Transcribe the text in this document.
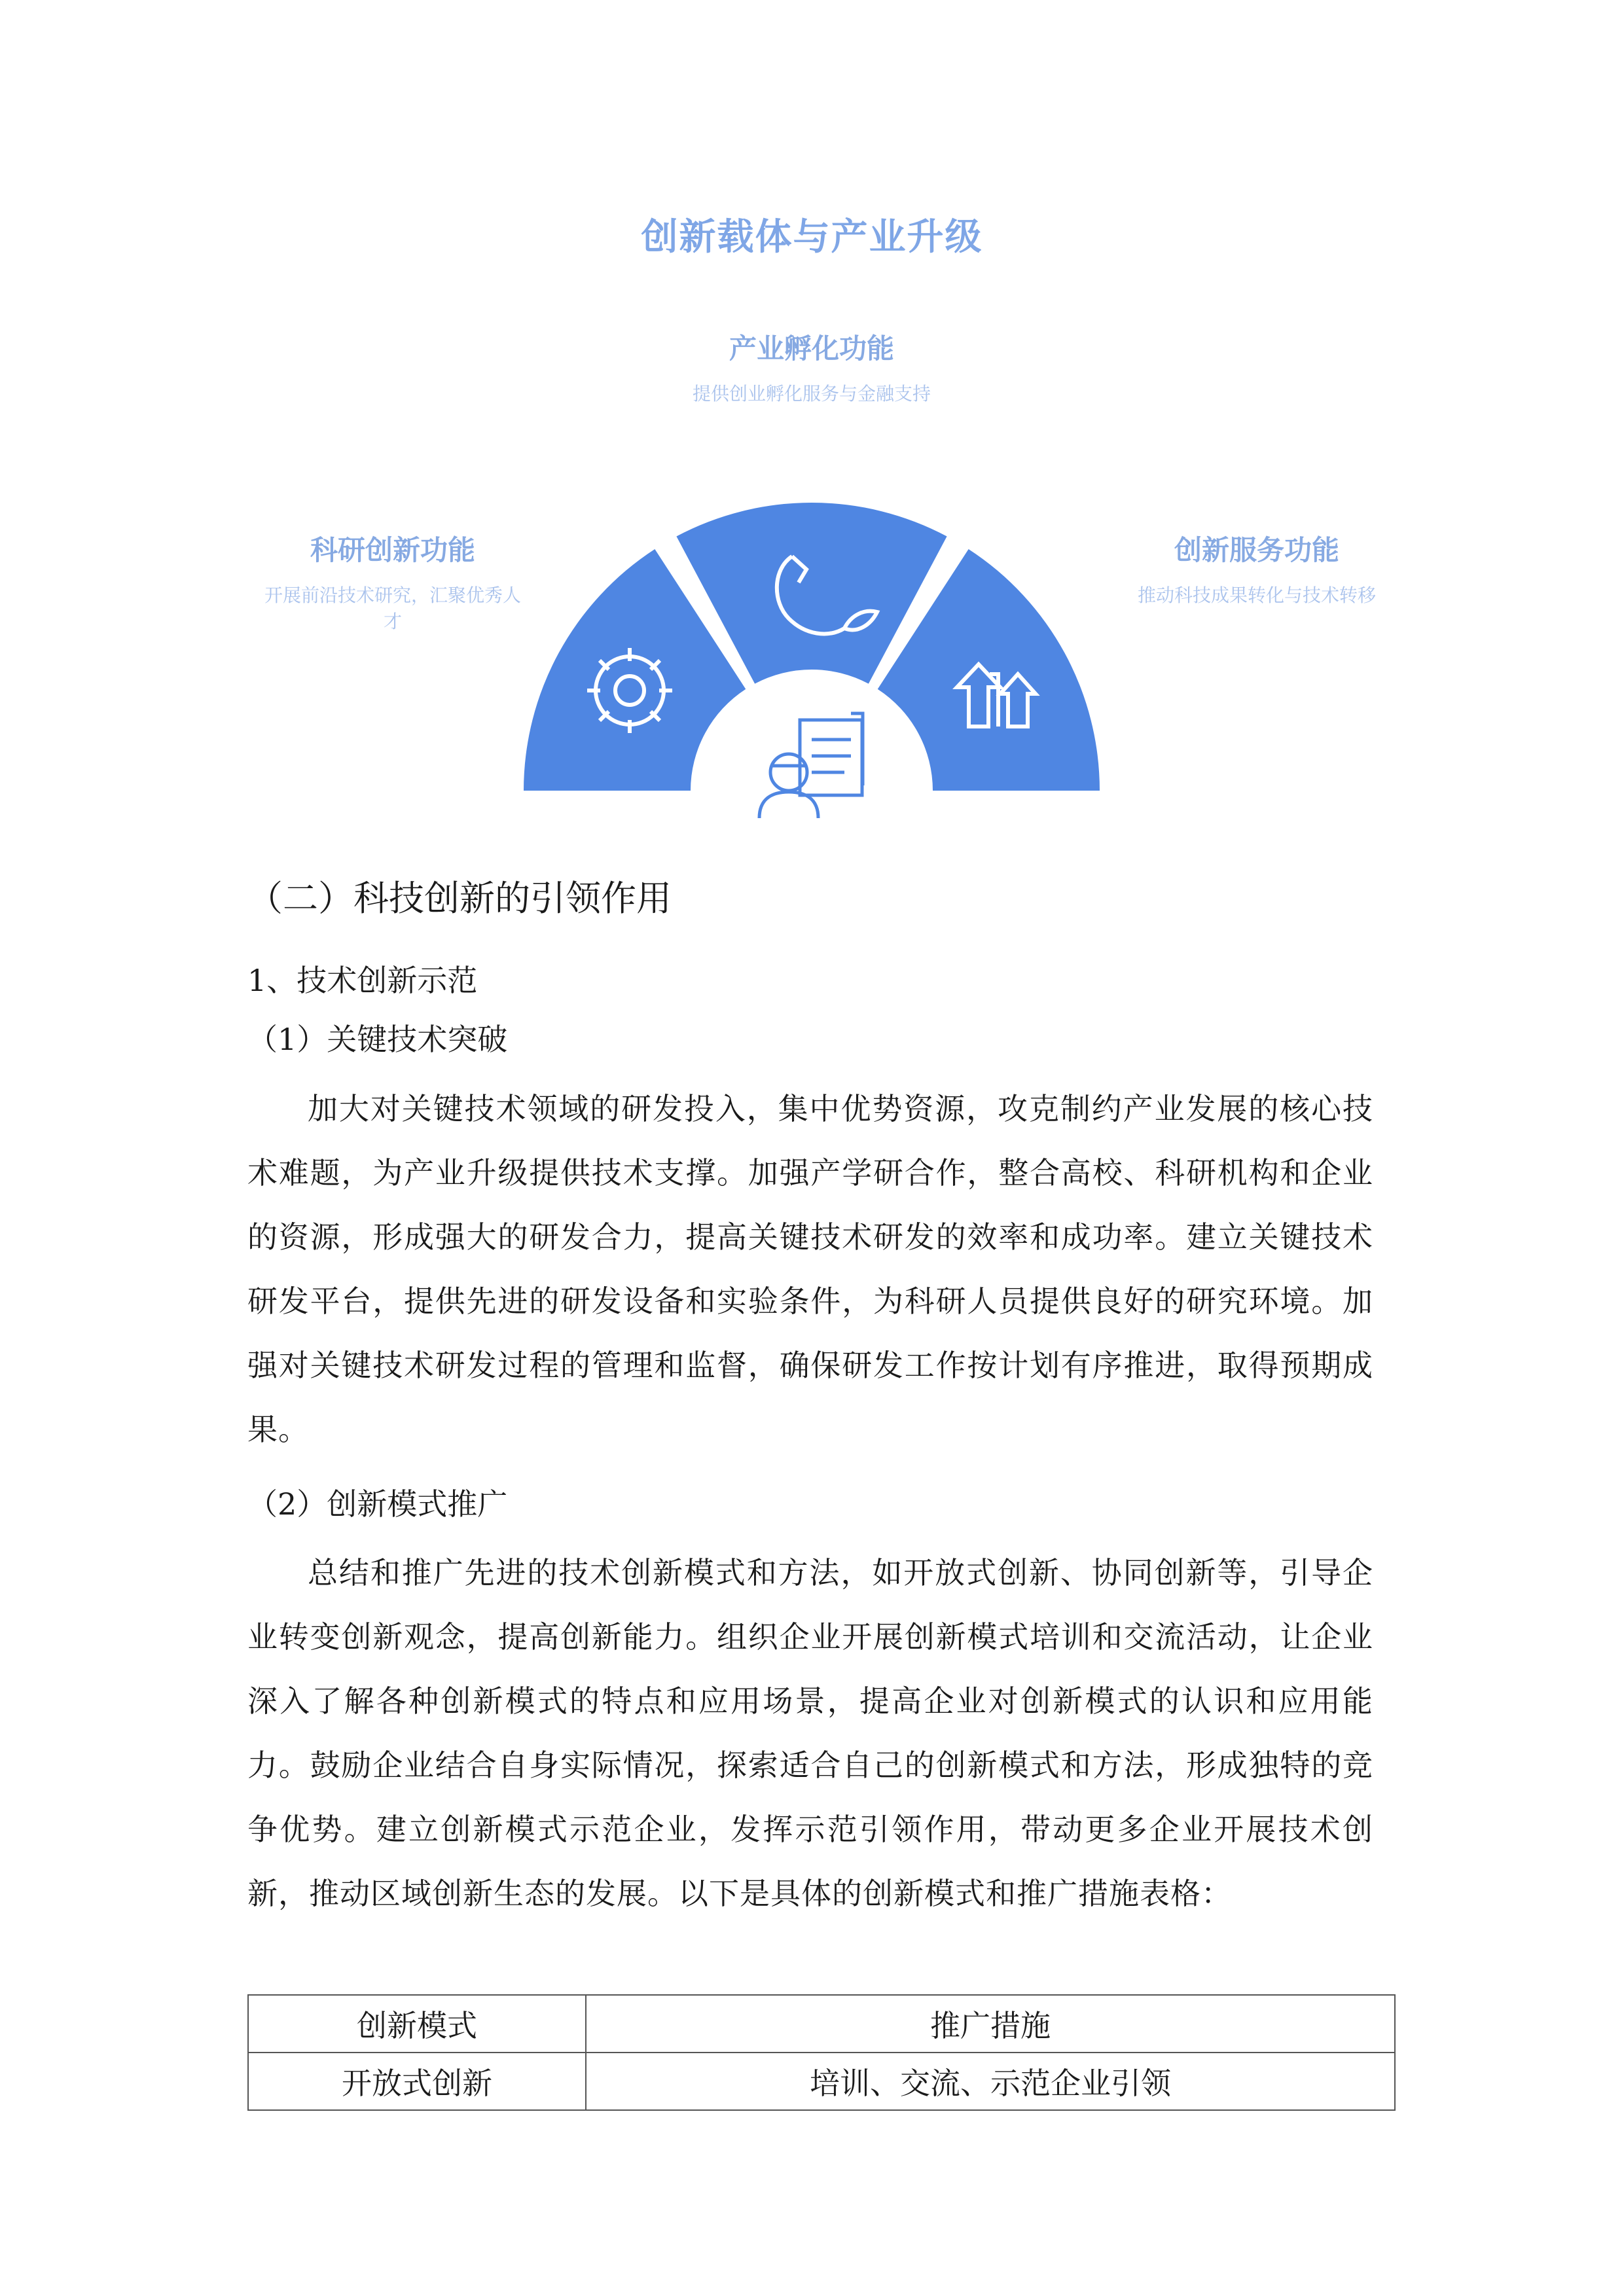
创新载体与产业升级
产业孵化功能
提供创业孵化服务与金融支持
科研创新功能
开展前沿技术研究，汇聚优秀人才
创新服务功能
推动科技成果转化与技术转移
（二）科技创新的引领作用
1、技术创新示范
（1）关键技术突破
加大对关键技术领域的研发投入，集中优势资源，攻克制约产业发展的核心技术难题，为产业升级提供技术支撑。加强产学研合作，整合高校、科研机构和企业的资源，形成强大的研发合力，提高关键技术研发的效率和成功率。建立关键技术研发平台，提供先进的研发设备和实验条件，为科研人员提供良好的研究环境。加强对关键技术研发过程的管理和监督，确保研发工作按计划有序推进，取得预期成果。
（2）创新模式推广
总结和推广先进的技术创新模式和方法，如开放式创新、协同创新等，引导企业转变创新观念，提高创新能力。组织企业开展创新模式培训和交流活动，让企业深入了解各种创新模式的特点和应用场景，提高企业对创新模式的认识和应用能力。鼓励企业结合自身实际情况，探索适合自己的创新模式和方法，形成独特的竞争优势。建立创新模式示范企业，发挥示范引领作用，带动更多企业开展技术创新，推动区域创新生态的发展。以下是具体的创新模式和推广措施表格：
创新模式	推广措施
开放式创新	培训、交流、示范企业引领
